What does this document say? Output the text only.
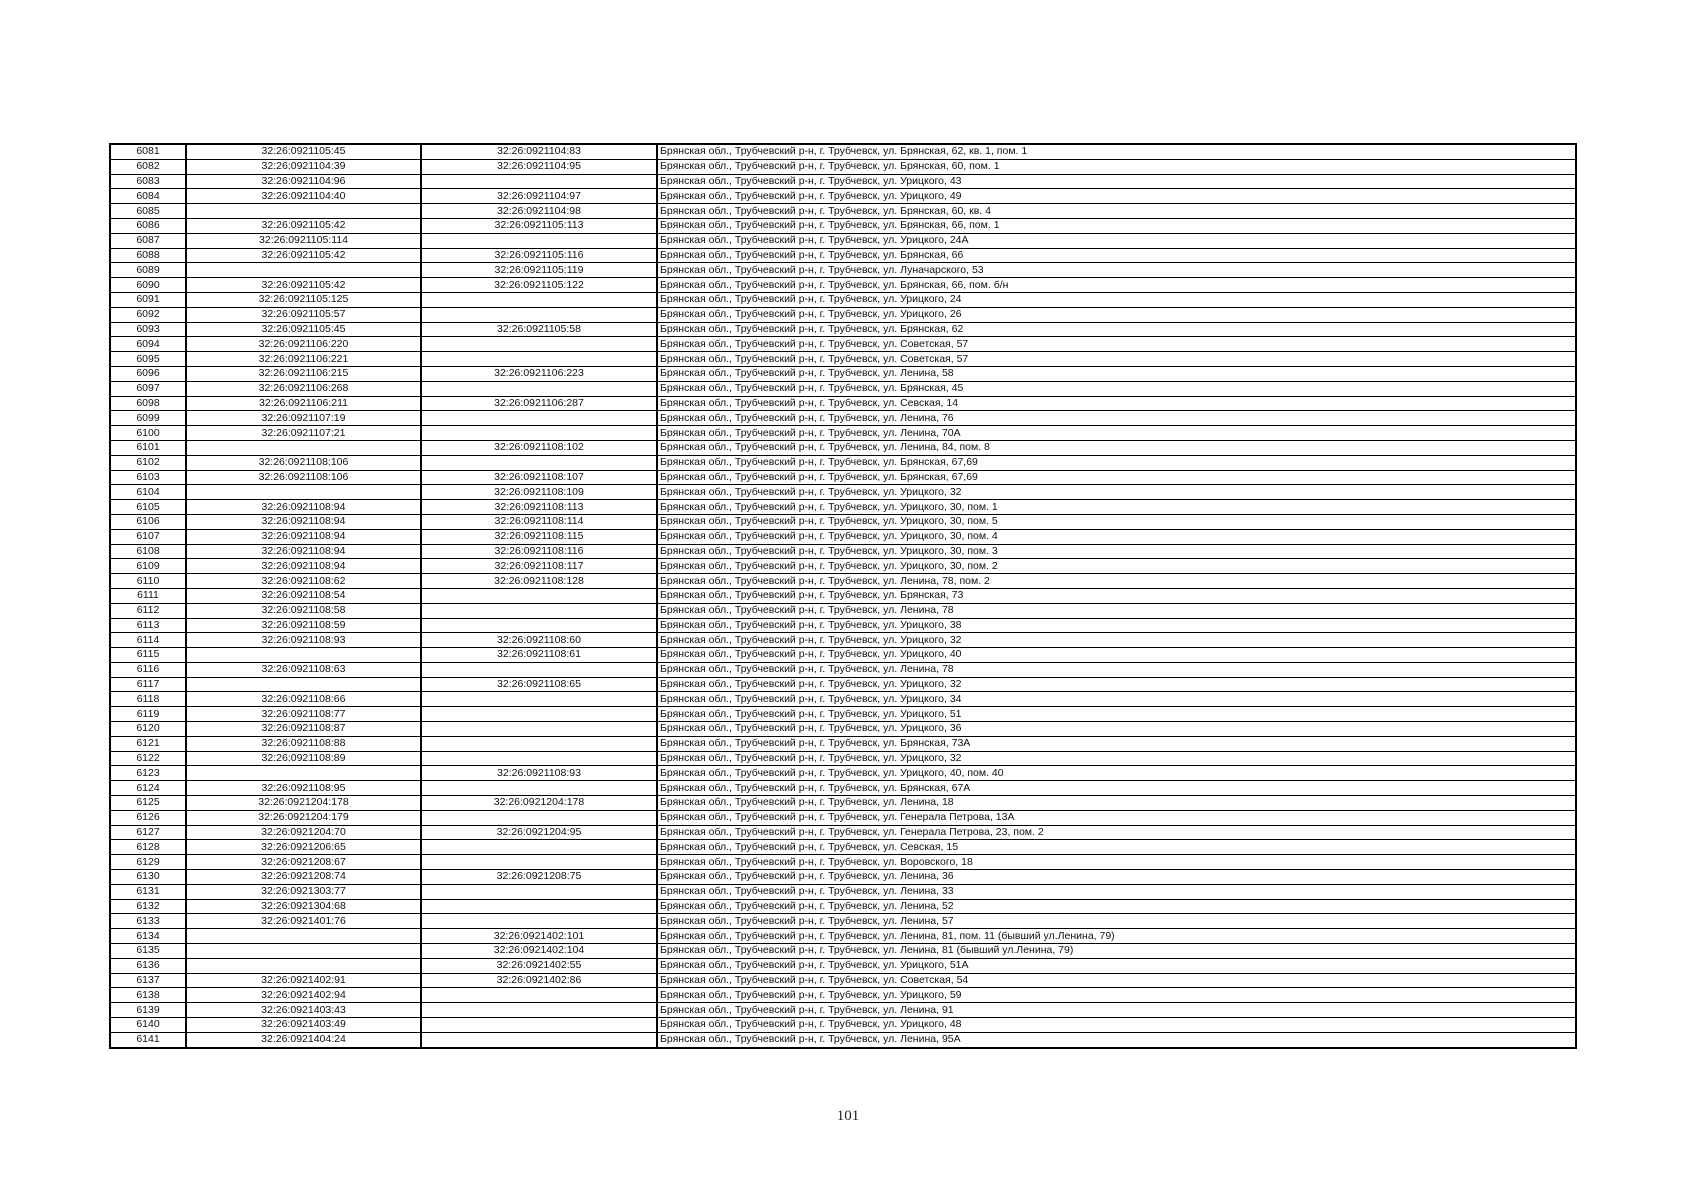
6081	32:26:0921105:45	32:26:0921104:83	Брянская обл., Трубчевский р-н, г. Трубчевск, ул. Брянская, 62, кв. 1, пом. 1
6082	32:26:0921104:39	32:26:0921104:95	Брянская обл., Трубчевский р-н, г. Трубчевск, ул. Брянская, 60, пом. 1
6083	32:26:0921104:96		Брянская обл., Трубчевский р-н, г. Трубчевск, ул. Урицкого, 43
6084	32:26:0921104:40	32:26:0921104:97	Брянская обл., Трубчевский р-н, г. Трубчевск, ул. Урицкого, 49
6085		32:26:0921104:98	Брянская обл., Трубчевский р-н, г. Трубчевск, ул. Брянская, 60, кв. 4
6086	32:26:0921105:42	32:26:0921105:113	Брянская обл., Трубчевский р-н, г. Трубчевск, ул. Брянская, 66, пом. 1
6087	32:26:0921105:114		Брянская обл., Трубчевский р-н, г. Трубчевск, ул. Урицкого, 24А
6088	32:26:0921105:42	32:26:0921105:116	Брянская обл., Трубчевский р-н, г. Трубчевск, ул. Брянская, 66
6089		32:26:0921105:119	Брянская обл., Трубчевский р-н, г. Трубчевск, ул. Луначарского, 53
6090	32:26:0921105:42	32:26:0921105:122	Брянская обл., Трубчевский р-н, г. Трубчевск, ул. Брянская, 66, пом. б/н
6091	32:26:0921105:125		Брянская обл., Трубчевский р-н, г. Трубчевск, ул. Урицкого, 24
6092	32:26:0921105:57		Брянская обл., Трубчевский р-н, г. Трубчевск, ул. Урицкого, 26
6093	32:26:0921105:45	32:26:0921105:58	Брянская обл., Трубчевский р-н, г. Трубчевск, ул. Брянская, 62
6094	32:26:0921106:220		Брянская обл., Трубчевский р-н, г. Трубчевск, ул. Советская, 57
6095	32:26:0921106:221		Брянская обл., Трубчевский р-н, г. Трубчевск, ул. Советская, 57
6096	32:26:0921106:215	32:26:0921106:223	Брянская обл., Трубчевский р-н, г. Трубчевск, ул. Ленина, 58
6097	32:26:0921106:268		Брянская обл., Трубчевский р-н, г. Трубчевск, ул. Брянская, 45
6098	32:26:0921106:211	32:26:0921106:287	Брянская обл., Трубчевский р-н, г. Трубчевск, ул. Севская, 14
6099	32:26:0921107:19		Брянская обл., Трубчевский р-н, г. Трубчевск, ул. Ленина, 76
6100	32:26:0921107:21		Брянская обл., Трубчевский р-н, г. Трубчевск, ул. Ленина, 70А
6101		32:26:0921108:102	Брянская обл., Трубчевский р-н, г. Трубчевск, ул. Ленина, 84, пом. 8
6102	32:26:0921108:106		Брянская обл., Трубчевский р-н, г. Трубчевск, ул. Брянская, 67,69
6103	32:26:0921108:106	32:26:0921108:107	Брянская обл., Трубчевский р-н, г. Трубчевск, ул. Брянская, 67,69
6104		32:26:0921108:109	Брянская обл., Трубчевский р-н, г. Трубчевск, ул. Урицкого, 32
6105	32:26:0921108:94	32:26:0921108:113	Брянская обл., Трубчевский р-н, г. Трубчевск, ул. Урицкого, 30, пом. 1
6106	32:26:0921108:94	32:26:0921108:114	Брянская обл., Трубчевский р-н, г. Трубчевск, ул. Урицкого, 30, пом. 5
6107	32:26:0921108:94	32:26:0921108:115	Брянская обл., Трубчевский р-н, г. Трубчевск, ул. Урицкого, 30, пом. 4
6108	32:26:0921108:94	32:26:0921108:116	Брянская обл., Трубчевский р-н, г. Трубчевск, ул. Урицкого, 30, пом. 3
6109	32:26:0921108:94	32:26:0921108:117	Брянская обл., Трубчевский р-н, г. Трубчевск, ул. Урицкого, 30, пом. 2
6110	32:26:0921108:62	32:26:0921108:128	Брянская обл., Трубчевский р-н, г. Трубчевск, ул. Ленина, 78, пом. 2
6111	32:26:0921108:54		Брянская обл., Трубчевский р-н, г. Трубчевск, ул. Брянская, 73
6112	32:26:0921108:58		Брянская обл., Трубчевский р-н, г. Трубчевск, ул. Ленина, 78
6113	32:26:0921108:59		Брянская обл., Трубчевский р-н, г. Трубчевск, ул. Урицкого, 38
6114	32:26:0921108:93	32:26:0921108:60	Брянская обл., Трубчевский р-н, г. Трубчевск, ул. Урицкого, 32
6115		32:26:0921108:61	Брянская обл., Трубчевский р-н, г. Трубчевск, ул. Урицкого, 40
6116	32:26:0921108:63		Брянская обл., Трубчевский р-н, г. Трубчевск, ул. Ленина, 78
6117		32:26:0921108:65	Брянская обл., Трубчевский р-н, г. Трубчевск, ул. Урицкого, 32
6118	32:26:0921108:66		Брянская обл., Трубчевский р-н, г. Трубчевск, ул. Урицкого, 34
6119	32:26:0921108:77		Брянская обл., Трубчевский р-н, г. Трубчевск, ул. Урицкого, 51
6120	32:26:0921108:87		Брянская обл., Трубчевский р-н, г. Трубчевск, ул. Урицкого, 36
6121	32:26:0921108:88		Брянская обл., Трубчевский р-н, г. Трубчевск, ул. Брянская, 73А
6122	32:26:0921108:89		Брянская обл., Трубчевский р-н, г. Трубчевск, ул. Урицкого, 32
6123		32:26:0921108:93	Брянская обл., Трубчевский р-н, г. Трубчевск, ул. Урицкого, 40, пом. 40
6124	32:26:0921108:95		Брянская обл., Трубчевский р-н, г. Трубчевск, ул. Брянская, 67А
6125	32:26:0921204:178	32:26:0921204:178	Брянская обл., Трубчевский р-н, г. Трубчевск, ул. Ленина, 18
6126	32:26:0921204:179		Брянская обл., Трубчевский р-н, г. Трубчевск, ул. Генерала Петрова, 13А
6127	32:26:0921204:70	32:26:0921204:95	Брянская обл., Трубчевский р-н, г. Трубчевск, ул. Генерала Петрова, 23, пом. 2
6128	32:26:0921206:65		Брянская обл., Трубчевский р-н, г. Трубчевск, ул. Севская, 15
6129	32:26:0921208:67		Брянская обл., Трубчевский р-н, г. Трубчевск, ул. Воровского, 18
6130	32:26:0921208:74	32:26:0921208:75	Брянская обл., Трубчевский р-н, г. Трубчевск, ул. Ленина, 36
6131	32:26:0921303:77		Брянская обл., Трубчевский р-н, г. Трубчевск, ул. Ленина, 33
6132	32:26:0921304:68		Брянская обл., Трубчевский р-н, г. Трубчевск, ул. Ленина, 52
6133	32:26:0921401:76		Брянская обл., Трубчевский р-н, г. Трубчевск, ул. Ленина, 57
6134		32:26:0921402:101	Брянская обл., Трубчевский р-н, г. Трубчевск, ул. Ленина, 81, пом. 11 (бывший ул.Ленина, 79)
6135		32:26:0921402:104	Брянская обл., Трубчевский р-н, г. Трубчевск, ул. Ленина, 81 (бывший ул.Ленина, 79)
6136		32:26:0921402:55	Брянская обл., Трубчевский р-н, г. Трубчевск, ул. Урицкого, 51А
6137	32:26:0921402:91	32:26:0921402:86	Брянская обл., Трубчевский р-н, г. Трубчевск, ул. Советская, 54
6138	32:26:0921402:94		Брянская обл., Трубчевский р-н, г. Трубчевск, ул. Урицкого, 59
6139	32:26:0921403:43		Брянская обл., Трубчевский р-н, г. Трубчевск, ул. Ленина, 91
6140	32:26:0921403:49		Брянская обл., Трубчевский р-н, г. Трубчевск, ул. Урицкого, 48
6141	32:26:0921404:24		Брянская обл., Трубчевский р-н, г. Трубчевск, ул. Ленина, 95А
101
